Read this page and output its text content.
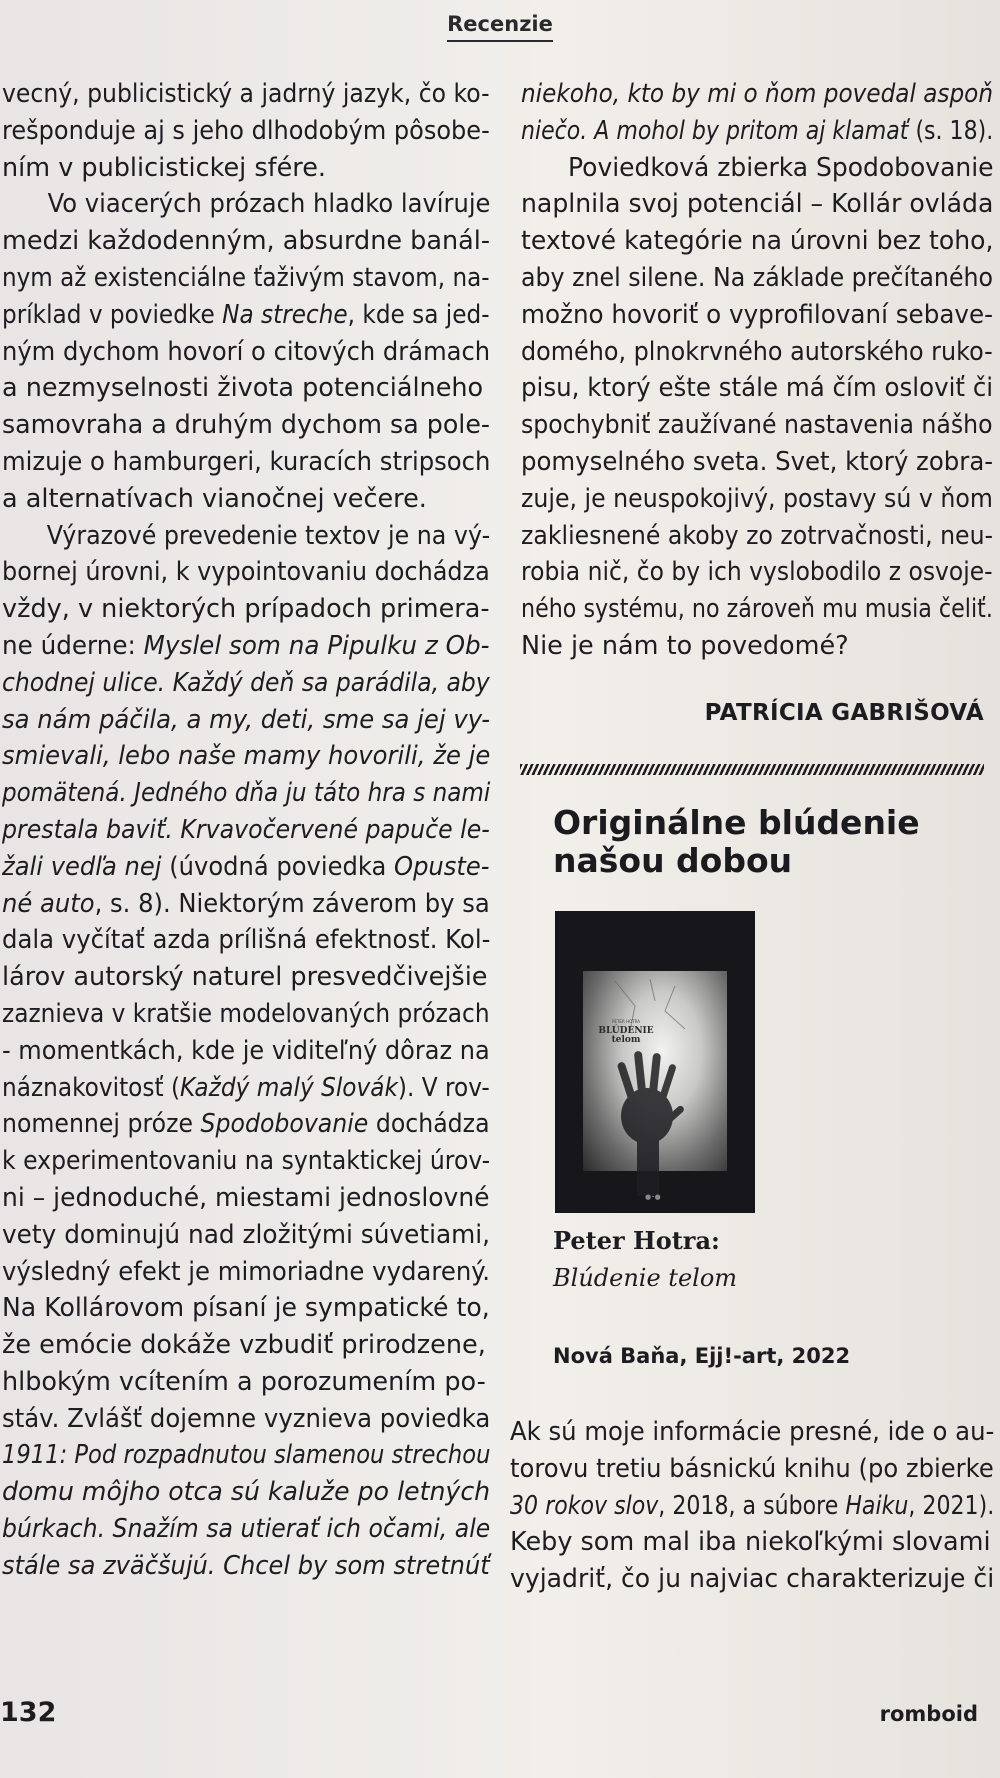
Recenzie
vecný, publicistický a jadrný jazyk, čo ko-
rešponduje aj s jeho dlhodobým pôsobe-
ním v publicistickej sfére.
Vo viacerých prózach hladko lavíruje
medzi každodenným, absurdne banál-
nym až existenciálne ťaživým stavom, na-
príklad v poviedke Na streche, kde sa jed-
ným dychom hovorí o citových drámach
a nezmyselnosti života potenciálneho
samovraha a druhým dychom sa pole-
mizuje o hamburgeri, kuracích stripsoch
a alternatívach vianočnej večere.
Výrazové prevedenie textov je na vý-
bornej úrovni, k vypointovaniu dochádza
vždy, v niektorých prípadoch primera-
ne úderne: Myslel som na Pipulku z Ob-
chodnej ulice. Každý deň sa parádila, aby
sa nám páčila, a my, deti, sme sa jej vy-
smievali, lebo naše mamy hovorili, že je
pomätená. Jedného dňa ju táto hra s nami
prestala baviť. Krvavočervené papuče le-
žali vedľa nej (úvodná poviedka Opuste-
né auto, s. 8). Niektorým záverom by sa
dala vyčítať azda prílišná efektnosť. Kol-
lárov autorský naturel presvedčivejšie
zaznieva v kratšie modelovaných prózach
- momentkách, kde je viditeľný dôraz na
náznakovitosť (Každý malý Slovák). V rov-
nomennej próze Spodobovanie dochádza
k experimentovaniu na syntaktickej úrov-
ni – jednoduché, miestami jednoslovné
vety dominujú nad zložitými súvetiami,
výsledný efekt je mimoriadne vydarený.
Na Kollárovom písaní je sympatické to,
že emócie dokáže vzbudiť prirodzene,
hlbokým vcítením a porozumením po-
stáv. Zvlášť dojemne vyznieva poviedka
1911: Pod rozpadnutou slamenou strechou
domu môjho otca sú kaluže po letných
búrkach. Snažím sa utierať ich očami, ale
stále sa zväčšujú. Chcel by som stretnúť
niekoho, kto by mi o ňom povedal aspoň
niečo. A mohol by pritom aj klamať (s. 18).
Poviedková zbierka Spodobovanie
naplnila svoj potenciál – Kollár ovláda
textové kategórie na úrovni bez toho,
aby znel silene. Na základe prečítaného
možno hovoriť o vyprofilovaní sebave-
domého, plnokrvného autorského ruko-
pisu, ktorý ešte stále má čím osloviť či
spochybniť zaužívané nastavenia nášho
pomyselného sveta. Svet, ktorý zobra-
zuje, je neuspokojivý, postavy sú v ňom
zakliesnené akoby zo zotrvačnosti, neu-
robia nič, čo by ich vyslobodilo z osvoje-
ného systému, no zároveň mu musia čeliť.
Nie je nám to povedomé?
PATRÍCIA GABRIŠOVÁ
Originálne blúdenie našou dobou
PETER HOTRA
BLÚDENIE telom
●⁃●
Peter Hotra:
Blúdenie telom
Nová Baňa, Ejj!-art, 2022
Ak sú moje informácie presné, ide o au-
torovu tretiu básnickú knihu (po zbierke
30 rokov slov, 2018, a súbore Haiku, 2021).
Keby som mal iba niekoľkými slovami
vyjadriť, čo ju najviac charakterizuje či
132	romboid
